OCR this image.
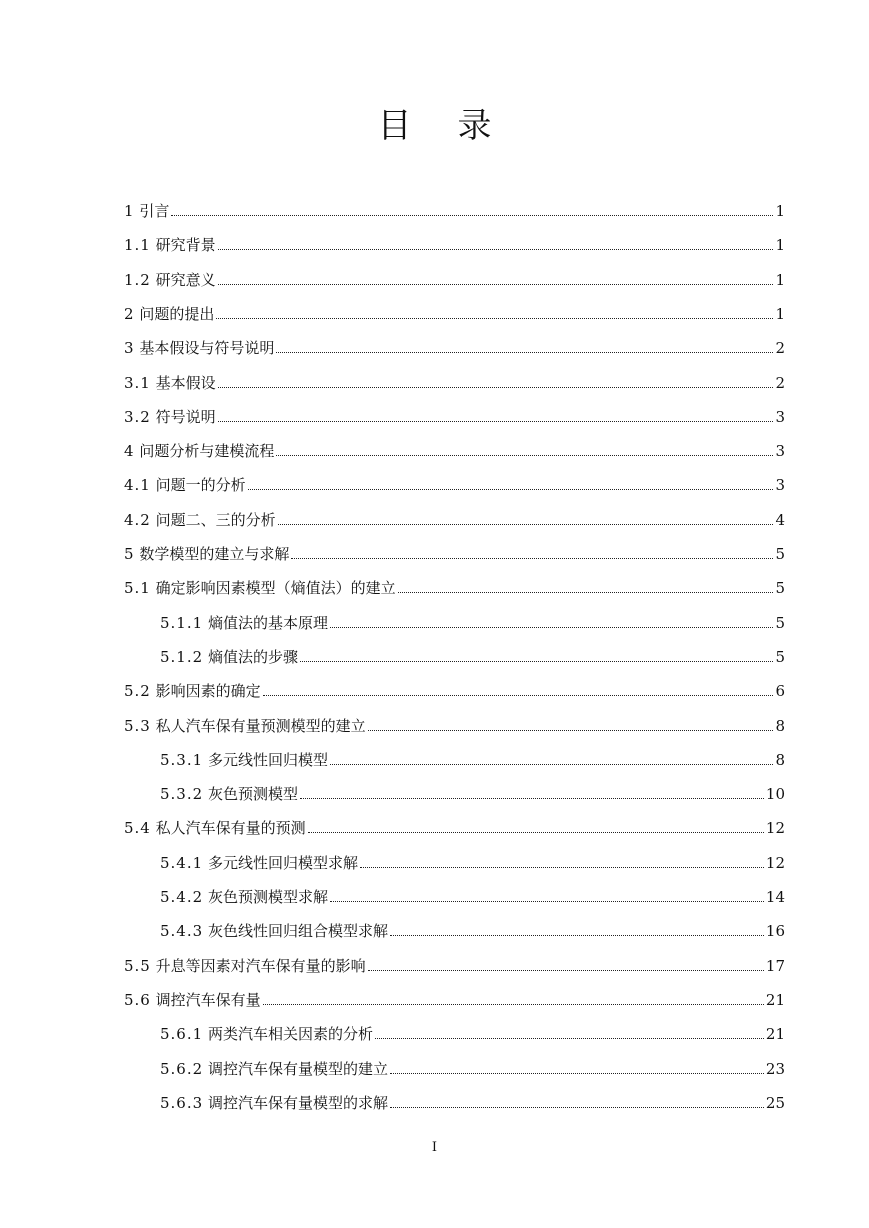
目 录
1 引言	1
1.1 研究背景	1
1.2 研究意义	1
2 问题的提出	1
3 基本假设与符号说明	2
3.1 基本假设	2
3.2 符号说明	3
4 问题分析与建模流程	3
4.1 问题一的分析	3
4.2 问题二、三的分析	4
5 数学模型的建立与求解	5
5.1 确定影响因素模型（熵值法）的建立	5
5.1.1 熵值法的基本原理	5
5.1.2 熵值法的步骤	5
5.2 影响因素的确定	6
5.3 私人汽车保有量预测模型的建立	8
5.3.1 多元线性回归模型	8
5.3.2 灰色预测模型	10
5.4 私人汽车保有量的预测	12
5.4.1 多元线性回归模型求解	12
5.4.2 灰色预测模型求解	14
5.4.3 灰色线性回归组合模型求解	16
5.5 升息等因素对汽车保有量的影响	17
5.6 调控汽车保有量	21
5.6.1 两类汽车相关因素的分析	21
5.6.2 调控汽车保有量模型的建立	23
5.6.3 调控汽车保有量模型的求解	25
I
